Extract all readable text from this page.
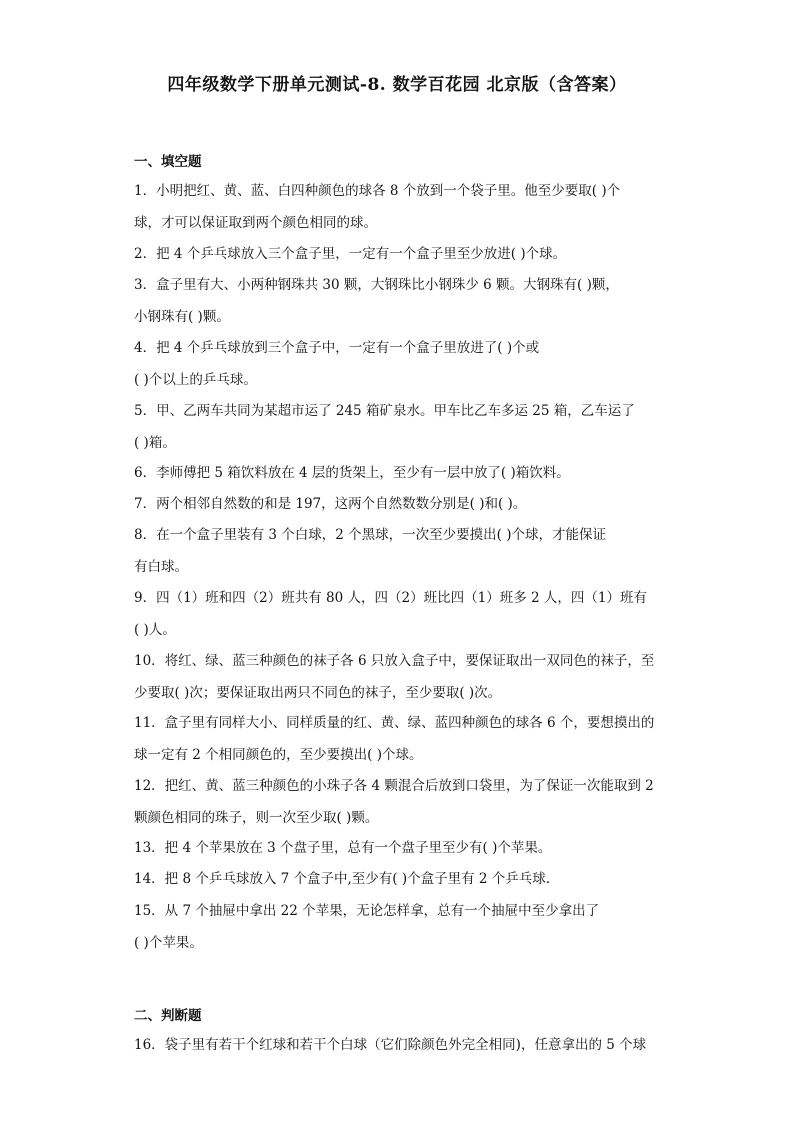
四年级数学下册单元测试-8. 数学百花园 北京版（含答案）
一、填空题
1．小明把红、黄、蓝、白四种颜色的球各 8 个放到一个袋子里。他至少要取( )个
球，才可以保证取到两个颜色相同的球。
2．把 4 个乒乓球放入三个盒子里，一定有一个盒子里至少放进( )个球。
3．盒子里有大、小两种钢珠共 30 颗，大钢珠比小钢珠少 6 颗。大钢珠有( )颗，
小钢珠有( )颗。
4．把 4 个乒乓球放到三个盒子中，一定有一个盒子里放进了( )个或
( )个以上的乒乓球。
5．甲、乙两车共同为某超市运了 245 箱矿泉水。甲车比乙车多运 25 箱，乙车运了
( )箱。
6．李师傅把 5 箱饮料放在 4 层的货架上，至少有一层中放了( )箱饮料。
7．两个相邻自然数的和是 197，这两个自然数数分别是( )和( )。
8．在一个盒子里装有 3 个白球，2 个黑球，一次至少要摸出( )个球，才能保证
有白球。
9．四（1）班和四（2）班共有 80 人，四（2）班比四（1）班多 2 人，四（1）班有
( )人。
10．将红、绿、蓝三种颜色的袜子各 6 只放入盒子中，要保证取出一双同色的袜子，至
少要取( )次；要保证取出两只不同色的袜子，至少要取( )次。
11．盒子里有同样大小、同样质量的红、黄、绿、蓝四种颜色的球各 6 个，要想摸出的
球一定有 2 个相同颜色的，至少要摸出( )个球。
12．把红、黄、蓝三种颜色的小珠子各 4 颗混合后放到口袋里，为了保证一次能取到 2
颗颜色相同的珠子，则一次至少取( )颗。
13．把 4 个苹果放在 3 个盘子里，总有一个盘子里至少有( )个苹果。
14．把 8 个乒乓球放入 7 个盒子中,至少有( )个盒子里有 2 个乒乓球.
15．从 7 个抽屉中拿出 22 个苹果，无论怎样拿，总有一个抽屉中至少拿出了
( )个苹果。
二、判断题
16．袋子里有若干个红球和若干个白球（它们除颜色外完全相同)，任意拿出的 5 个球
